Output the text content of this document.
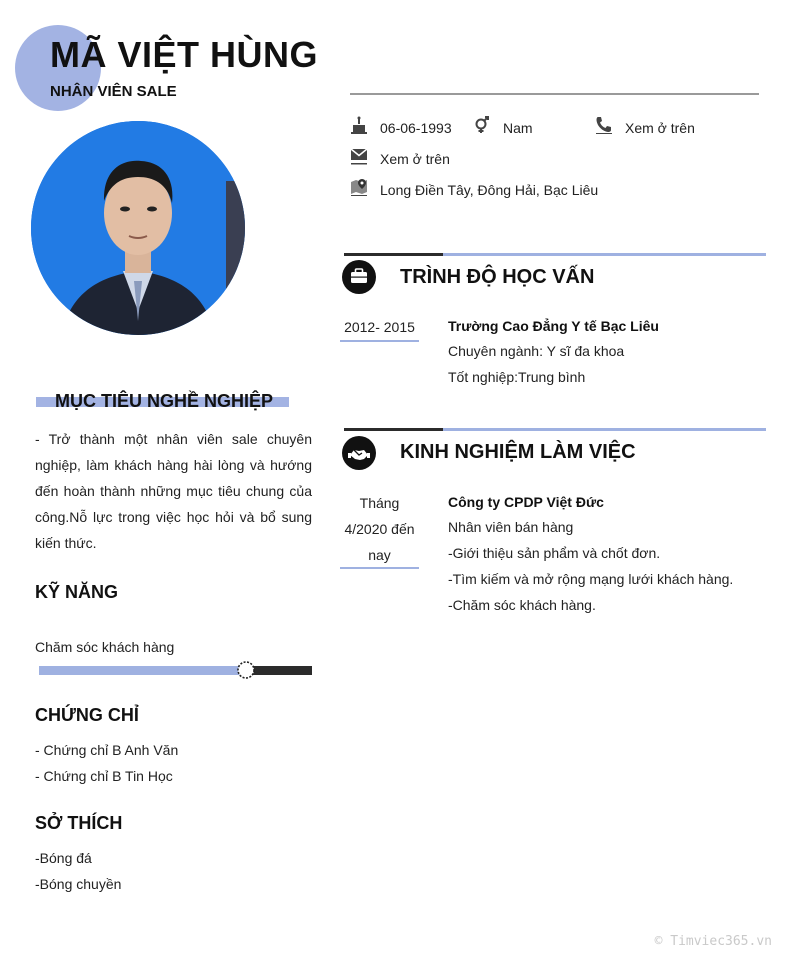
MÃ VIỆT HÙNG
NHÂN VIÊN SALE
06-06-1993	Nam	Xem ở trên
Xem ở trên
Long Điền Tây, Đông Hải, Bạc Liêu
TRÌNH ĐỘ HỌC VẤN
2012- 2015 Trường Cao Đẳng Y tế Bạc Liêu
Chuyên ngành: Y sĩ đa khoa
Tốt nghiệp:Trung bình
KINH NGHIỆM LÀM VIỆC
Tháng
4/2020 đến
nay
Công ty CPDP Việt Đức
Nhân viên bán hàng
-Giới thiệu sản phẩm và chốt đơn.
-Tìm kiếm và mở rộng mạng lưới khách hàng.
-Chăm sóc khách hàng.
MỤC TIÊU NGHỀ NGHIỆP
- Trở thành một nhân viên sale chuyên
nghiệp, làm khách hàng hài lòng và hướng
đến hoàn thành những mục tiêu chung của
công.Nỗ lực trong việc học hỏi và bổ sung
kiến thức.
KỸ NĂNG
Chăm sóc khách hàng
CHỨNG CHỈ
- Chứng chỉ B Anh Văn
- Chứng chỉ B Tin Học
SỞ THÍCH
-Bóng đá
-Bóng chuyền
© Timviec365.vn
